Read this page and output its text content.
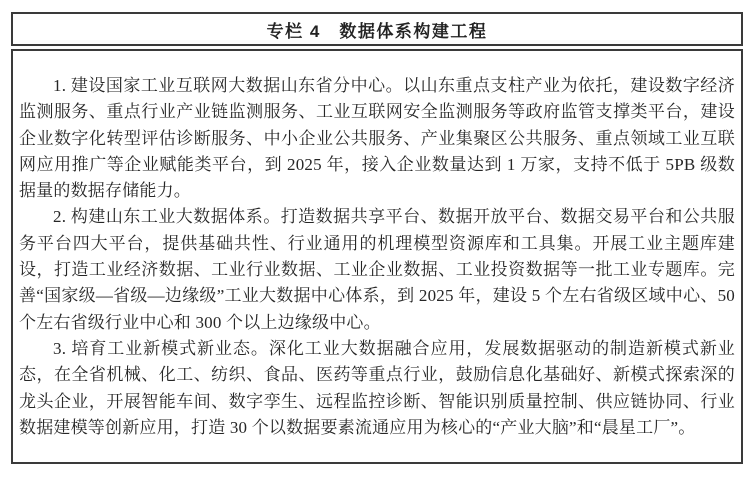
专栏 4　数据体系构建工程

1. 建设国家工业互联网大数据山东省分中心。以山东重点支柱产业为依托，建设数字经济监测服务、重点行业产业链监测服务、工业互联网安全监测服务等政府监管支撑类平台，建设企业数字化转型评估诊断服务、中小企业公共服务、产业集聚区公共服务、重点领域工业互联网应用推广等企业赋能类平台，到 2025 年，接入企业数量达到 1 万家，支持不低于 5PB 级数据量的数据存储能力。

2. 构建山东工业大数据体系。打造数据共享平台、数据开放平台、数据交易平台和公共服务平台四大平台，提供基础共性、行业通用的机理模型资源库和工具集。开展工业主题库建设，打造工业经济数据、工业行业数据、工业企业数据、工业投资数据等一批工业专题库。完善“国家级—省级—边缘级”工业大数据中心体系，到 2025 年，建设 5 个左右省级区域中心、50 个左右省级行业中心和 300 个以上边缘级中心。

3. 培育工业新模式新业态。深化工业大数据融合应用，发展数据驱动的制造新模式新业态，在全省机械、化工、纺织、食品、医药等重点行业，鼓励信息化基础好、新模式探索深的龙头企业，开展智能车间、数字孪生、远程监控诊断、智能识别质量控制、供应链协同、行业数据建模等创新应用，打造 30 个以数据要素流通应用为核心的“产业大脑”和“晨星工厂”。
